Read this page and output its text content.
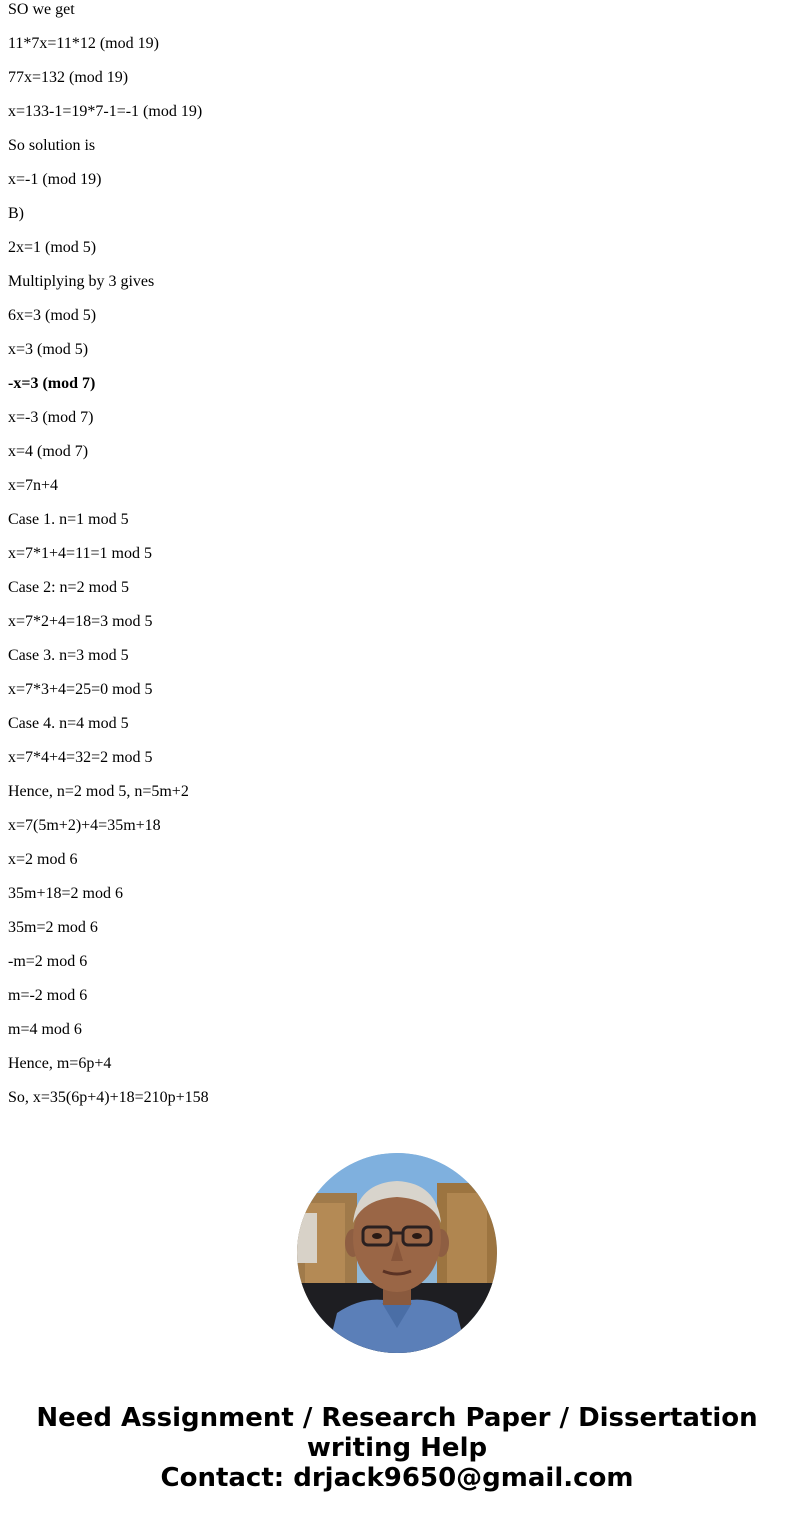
SO we get
11*7x=11*12 (mod 19)
77x=132 (mod 19)
x=133-1=19*7-1=-1 (mod 19)
So solution is
x=-1 (mod 19)
B)
2x=1 (mod 5)
Multiplying by 3 gives
6x=3 (mod 5)
x=3 (mod 5)
-x=3 (mod 7)
x=-3 (mod 7)
x=4 (mod 7)
x=7n+4
Case 1. n=1 mod 5
x=7*1+4=11=1 mod 5
Case 2: n=2 mod 5
x=7*2+4=18=3 mod 5
Case 3. n=3 mod 5
x=7*3+4=25=0 mod 5
Case 4. n=4 mod 5
x=7*4+4=32=2 mod 5
Hence, n=2 mod 5, n=5m+2
x=7(5m+2)+4=35m+18
x=2 mod 6
35m+18=2 mod 6
35m=2 mod 6
-m=2 mod 6
m=-2 mod 6
m=4 mod 6
Hence, m=6p+4
So, x=35(6p+4)+18=210p+158
Need Assignment / Research Paper / Dissertation
writing Help
Contact: drjack9650@gmail.com
